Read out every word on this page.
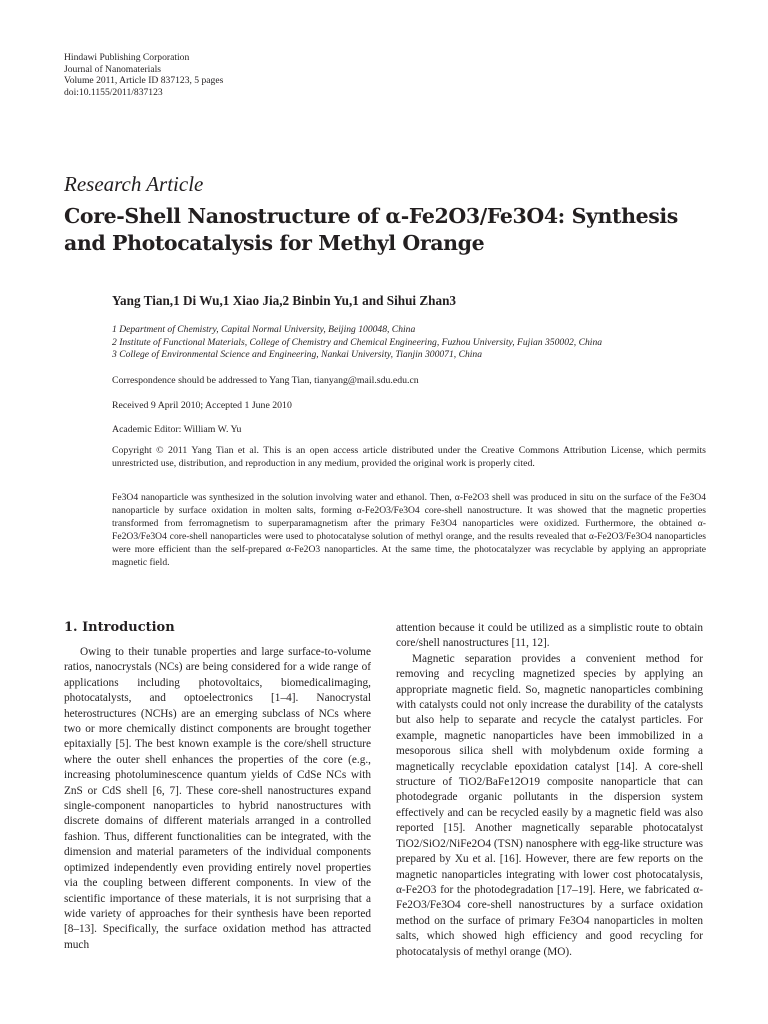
Hindawi Publishing Corporation
Journal of Nanomaterials
Volume 2011, Article ID 837123, 5 pages
doi:10.1155/2011/837123
Research Article
Core-Shell Nanostructure of α-Fe2O3/Fe3O4: Synthesis and Photocatalysis for Methyl Orange
Yang Tian,1 Di Wu,1 Xiao Jia,2 Binbin Yu,1 and Sihui Zhan3
1 Department of Chemistry, Capital Normal University, Beijing 100048, China
2 Institute of Functional Materials, College of Chemistry and Chemical Engineering, Fuzhou University, Fujian 350002, China
3 College of Environmental Science and Engineering, Nankai University, Tianjin 300071, China
Correspondence should be addressed to Yang Tian, tianyang@mail.sdu.edu.cn
Received 9 April 2010; Accepted 1 June 2010
Academic Editor: William W. Yu
Copyright © 2011 Yang Tian et al. This is an open access article distributed under the Creative Commons Attribution License, which permits unrestricted use, distribution, and reproduction in any medium, provided the original work is properly cited.
Fe3O4 nanoparticle was synthesized in the solution involving water and ethanol. Then, α-Fe2O3 shell was produced in situ on the surface of the Fe3O4 nanoparticle by surface oxidation in molten salts, forming α-Fe2O3/Fe3O4 core-shell nanostructure. It was showed that the magnetic properties transformed from ferromagnetism to superparamagnetism after the primary Fe3O4 nanoparticles were oxidized. Furthermore, the obtained α-Fe2O3/Fe3O4 core-shell nanoparticles were used to photocatalyse solution of methyl orange, and the results revealed that α-Fe2O3/Fe3O4 nanoparticles were more efficient than the self-prepared α-Fe2O3 nanoparticles. At the same time, the photocatalyzer was recyclable by applying an appropriate magnetic field.
1. Introduction

Owing to their tunable properties and large surface-to-volume ratios, nanocrystals (NCs) are being considered for a wide range of applications including photovoltaics, biomedicalimaging, photocatalysts, and optoelectronics [1–4]. Nanocrystal heterostructures (NCHs) are an emerging subclass of NCs where two or more chemically distinct components are brought together epitaxially [5]. The best known example is the core/shell structure where the outer shell enhances the properties of the core (e.g., increasing photoluminescence quantum yields of CdSe NCs with ZnS or CdS shell [6, 7]. These core-shell nanostructures expand single-component nanoparticles to hybrid nanostructures with discrete domains of different materials arranged in a controlled fashion. Thus, different functionalities can be integrated, with the dimension and material parameters of the individual components optimized independently even providing entirely novel properties via the coupling between different components. In view of the scientific importance of these materials, it is not surprising that a wide variety of approaches for their synthesis have been reported [8–13]. Specifically, the surface oxidation method has attracted much

attention because it could be utilized as a simplistic route to obtain core/shell nanostructures [11, 12].

Magnetic separation provides a convenient method for removing and recycling magnetized species by applying an appropriate magnetic field. So, magnetic nanoparticles combining with catalysts could not only increase the durability of the catalysts but also help to separate and recycle the catalyst particles. For example, magnetic nanoparticles have been immobilized in a mesoporous silica shell with molybdenum oxide forming a magnetically recyclable epoxidation catalyst [14]. A core-shell structure of TiO2/BaFe12O19 composite nanoparticle that can photodegrade organic pollutants in the dispersion system effectively and can be recycled easily by a magnetic field was also reported [15]. Another magnetically separable photocatalyst TiO2/SiO2/NiFe2O4 (TSN) nanosphere with egg-like structure was prepared by Xu et al. [16]. However, there are few reports on the magnetic nanoparticles integrating with lower cost photocatalysis, α-Fe2O3 for the photodegradation [17–19]. Here, we fabricated α-Fe2O3/Fe3O4 core-shell nanostructures by a surface oxidation method on the surface of primary Fe3O4 nanoparticles in molten salts, which showed high efficiency and good recycling for photocatalysis of methyl orange (MO).
